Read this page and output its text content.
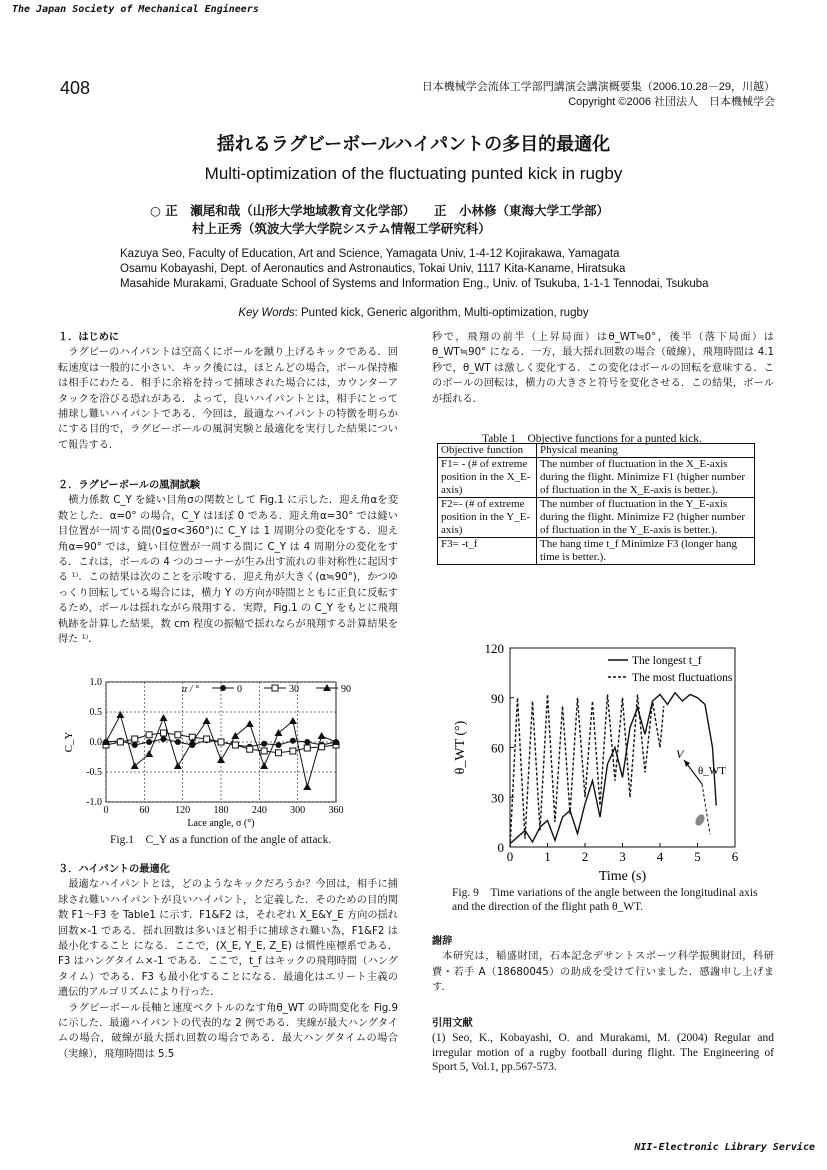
The Japan Society of Mechanical Engineers
408	日本機械学会流体工学部門講演会講演概要集（2006.10.28－29，川越）
Copyright ©2006 社団法人　日本機械学会
揺れるラグビーボールハイパントの多目的最適化
Multi-optimization of the fluctuating punted kick in rugby
○ 正　瀬尾和哉（山形大学地域教育文化学部）　　正　小林修（東海大学工学部）
村上正秀（筑波大学大学院システム情報工学研究科）
Kazuya Seo, Faculty of Education, Art and Science, Yamagata Univ, 1-4-12 Kojirakawa, Yamagata
Osamu Kobayashi, Dept. of Aeronautics and Astronautics, Tokai Univ, 1117 Kita-Kaname, Hiratsuka
Masahide Murakami, Graduate School of Systems and Information Eng., Univ. of Tsukuba, 1-1-1 Tennodai, Tsukuba
Key Words: Punted kick, Generic algorithm, Multi-optimization, rugby

１．はじめに

ラグビーのハイパントは空高くにボールを蹴り上げるキックである．回転速度は一般的に小さい．キック後には，ほとんどの場合，ボール保持権は相手にわたる．相手に余裕を持って捕球された場合には，カウンターアタックを浴びる恐れがある．よって，良いハイパントとは，相手にとって捕球し難いハイパントである．今回は，最適なハイパントの特徴を明らかにする目的で，ラグビーボールの風洞実験と最適化を実行した結果について報告する．

２．ラグビーボールの風洞試験

横力係数 C_Y を縫い目角σの関数として Fig.1 に示した．迎え角αを変数とした．α=0° の場合，C_Y はほぼ 0 である．迎え角α=30° では縫い目位置が一周する間(0≦σ<360°)に C_Y は 1 周期分の変化をする．迎え角α=90° では，縫い目位置が一周する間に C_Y は 4 周期分の変化をする．これは，ボールの 4 つのコーナーが生み出す流れの非対称性に起因する ¹⁾．この結果は次のことを示唆する．迎え角が大きく(α≒90°)，かつゆっくり回転している場合には，横力 Y の方向が時間とともに正負に反転するため，ボールは揺れながら飛翔する．実際，Fig.1 の C_Y をもとに飛翔軌跡を計算した結果，数 cm 程度の振幅で揺れならが飛翔する計算結果を得た ¹⁾．

0	60	120 180 240 300 360
1.0
0.5
0.0
-0.5
-1.0
Lace angle, σ (°)
C_Y
α / °	0	30	90
Fig.1　C_Y as a function of the angle of attack.

３．ハイパントの最適化

最適なハイパントとは，どのようなキックだろうか？今回は，相手に捕球され難いハイパントが良いハイパント，と定義した．そのための目的関数 F1～F3 を Table1 に示す．F1&F2 は，それぞれ X_E&Y_E 方向の揺れ回数×-1 である．揺れ回数は多いほど相手に捕球され難い為，F1&F2 は最小化すること になる．ここで，(X_E, Y_E, Z_E) は慣性座標系である．F3 はハングタイム×-1 である．ここで，t_f はキックの飛翔時間（ハングタイム）である．F3 も最小化することになる．最適化はエリート主義の遺伝的アルゴリズムにより行った．

ラグビーボール長軸と速度ベクトルのなす角θ_WT の時間変化を Fig.9 に示した．最適ハイパントの代表的な 2 例である．実線が最大ハングタイムの場合，破線が最大揺れ回数の場合である．最大ハングタイムの場合（実線），飛翔時間は 5.5

秒で，飛翔の前半（上昇局面）はθ_WT≒0°，後半（落下局面）はθ_WT≒90° になる．一方，最大揺れ回数の場合（破線），飛翔時間は 4.1 秒で，θ_WT は激しく変化する．この変化はボールの回転を意味する．このボールの回転は，横力の大きさと符号を変化させる．この結果，ボールが揺れる．

Table 1　Objective functions for a punted kick.
Objective function	Physical meaning
F1= - (# of extreme position in the X_E-axis)	The number of fluctuation in the X_E-axis during the flight. Minimize F1 (higher number of fluctuation in the X_E-axis is better.).
F2=- (# of extreme position in the Y_E-axis)	The number of fluctuation in the Y_E-axis during the flight. Minimize F2 (higher number of fluctuation in the Y_E-axis is better.).
F3= -t_f	The hang time t_f Minimize F3 (longer hang time is better.).
0 1 2 3 4 5 6
120
90
60
30
0
Time (s)
θ_WT (°)
The longest t_f
The most fluctuations
V
θ_WT
Fig. 9　Time variations of the angle between the longitudinal axis and the direction of the flight path θ_WT.

謝辞

本研究は，稲盛財団，石本記念デサントスポーツ科学振興財団，科研費・若手 A（18680045）の助成を受けて行いました．感謝申し上げます．

引用文献

(1) Seo, K., Kobayashi, O. and Murakami, M. (2004) Regular and irregular motion of a rugby football during flight. The Engineering of Sport 5, Vol.1, pp.567-573.

NII-Electronic Library Service
